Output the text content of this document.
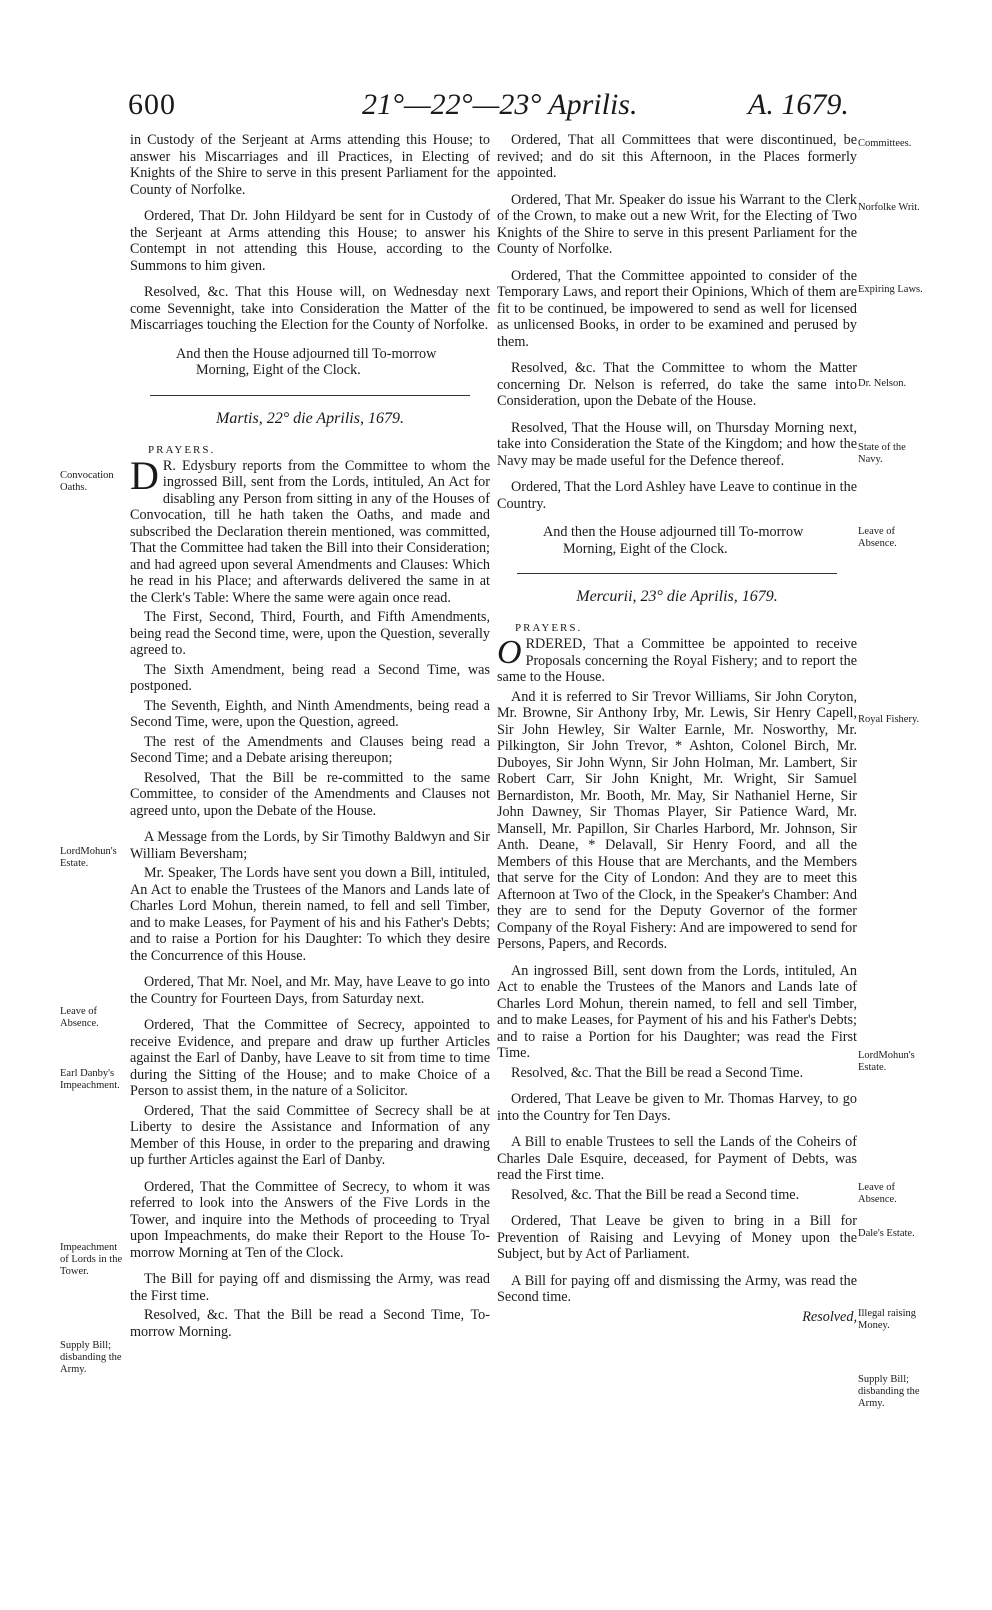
600	21°—22°—23° Aprilis.	A. 1679.

in Custody of the Serjeant at Arms attending this House; to answer his Miscarriages and ill Practices, in Electing of Knights of the Shire to serve in this present Parliament for the County of Norfolke.

Ordered, That Dr. John Hildyard be sent for in Custody of the Serjeant at Arms attending this House; to answer his Contempt in not attending this House, according to the Summons to him given.

Resolved, &c. That this House will, on Wednesday next come Sevennight, take into Consideration the Matter of the Miscarriages touching the Election for the County of Norfolke.

And then the House adjourned till To-morrow
Morning, Eight of the Clock.

Martis, 22° die Aprilis, 1679.
PRAYERS.

D R. Edysbury reports from the Committee to whom the ingrossed Bill, sent from the Lords, intituled, An Act for disabling any Person from sitting in any of the Houses of Convocation, till he hath taken the Oaths, and made and subscribed the Declaration therein mentioned, was committed, That the Committee had taken the Bill into their Consideration; and had agreed upon several Amendments and Clauses: Which he read in his Place; and afterwards delivered the same in at the Clerk's Table: Where the same were again once read.

The First, Second, Third, Fourth, and Fifth Amendments, being read the Second time, were, upon the Question, severally agreed to.

The Sixth Amendment, being read a Second Time, was postponed.

The Seventh, Eighth, and Ninth Amendments, being read a Second Time, were, upon the Question, agreed.

The rest of the Amendments and Clauses being read a Second Time; and a Debate arising thereupon;

Resolved, That the Bill be re-committed to the same Committee, to consider of the Amendments and Clauses not agreed unto, upon the Debate of the House.

A Message from the Lords, by Sir Timothy Baldwyn and Sir William Beversham;

Mr. Speaker, The Lords have sent you down a Bill, intituled, An Act to enable the Trustees of the Manors and Lands late of Charles Lord Mohun, therein named, to fell and sell Timber, and to make Leases, for Payment of his and his Father's Debts; and to raise a Portion for his Daughter: To which they desire the Concurrence of this House.

Ordered, That Mr. Noel, and Mr. May, have Leave to go into the Country for Fourteen Days, from Saturday next.

Ordered, That the Committee of Secrecy, appointed to receive Evidence, and prepare and draw up further Articles against the Earl of Danby, have Leave to sit from time to time during the Sitting of the House; and to make Choice of a Person to assist them, in the nature of a Solicitor.

Ordered, That the said Committee of Secrecy shall be at Liberty to desire the Assistance and Information of any Member of this House, in order to the preparing and drawing up further Articles against the Earl of Danby.

Ordered, That the Committee of Secrecy, to whom it was referred to look into the Answers of the Five Lords in the Tower, and inquire into the Methods of proceeding to Tryal upon Impeachments, do make their Report to the House To-morrow Morning at Ten of the Clock.

The Bill for paying off and dismissing the Army, was read the First time.

Resolved, &c. That the Bill be read a Second Time, To-morrow Morning.

Ordered, That all Committees that were discontinued, be revived; and do sit this Afternoon, in the Places formerly appointed.

Ordered, That Mr. Speaker do issue his Warrant to the Clerk of the Crown, to make out a new Writ, for the Electing of Two Knights of the Shire to serve in this present Parliament for the County of Norfolke.

Ordered, That the Committee appointed to consider of the Temporary Laws, and report their Opinions, Which of them are fit to be continued, be impowered to send as well for licensed as unlicensed Books, in order to be examined and perused by them.

Resolved, &c. That the Committee to whom the Matter concerning Dr. Nelson is referred, do take the same into Consideration, upon the Debate of the House.

Resolved, That the House will, on Thursday Morning next, take into Consideration the State of the Kingdom; and how the Navy may be made useful for the Defence thereof.

Ordered, That the Lord Ashley have Leave to continue in the Country.

And then the House adjourned till To-morrow
Morning, Eight of the Clock.

Mercurii, 23° die Aprilis, 1679.
PRAYERS.

ORDERED, That a Committee be appointed to receive Proposals concerning the Royal Fishery; and to report the same to the House.

And it is referred to Sir Trevor Williams, Sir John Coryton, Mr. Browne, Sir Anthony Irby, Mr. Lewis, Sir Henry Capell, Sir John Hewley, Sir Walter Earnle, Mr. Nosworthy, Mr. Pilkington, Sir John Trevor, * Ashton, Colonel Birch, Mr. Duboyes, Sir John Wynn, Sir John Holman, Mr. Lambert, Sir Robert Carr, Sir John Knight, Mr. Wright, Sir Samuel Bernardiston, Mr. Booth, Mr. May, Sir Nathaniel Herne, Sir John Dawney, Sir Thomas Player, Sir Patience Ward, Mr. Mansell, Mr. Papillon, Sir Charles Harbord, Mr. Johnson, Sir Anth. Deane, * Delavall, Sir Henry Foord, and all the Members of this House that are Merchants, and the Members that serve for the City of London: And they are to meet this Afternoon at Two of the Clock, in the Speaker's Chamber: And they are to send for the Deputy Governor of the former Company of the Royal Fishery: And are impowered to send for Persons, Papers, and Records.

An ingrossed Bill, sent down from the Lords, intituled, An Act to enable the Trustees of the Manors and Lands late of Charles Lord Mohun, therein named, to fell and sell Timber, and to make Leases, for Payment of his and his Father's Debts; and to raise a Portion for his Daughter; was read the First Time.

Resolved, &c. That the Bill be read a Second Time.

Ordered, That Leave be given to Mr. Thomas Harvey, to go into the Country for Ten Days.

A Bill to enable Trustees to sell the Lands of the Coheirs of Charles Dale Esquire, deceased, for Payment of Debts, was read the First time.

Resolved, &c. That the Bill be read a Second time.

Ordered, That Leave be given to bring in a Bill for Prevention of Raising and Levying of Money upon the Subject, but by Act of Parliament.

A Bill for paying off and dismissing the Army, was read the Second time.

Resolved,

Convocation Oaths.
LordMohun's Estate.
Leave of Absence.
Earl Danby's Impeachment.
Impeachment of Lords in the Tower.
Supply Bill; disbanding the Army.
Committees.
Norfolke Writ.
Expiring Laws.
Dr. Nelson.
State of the Navy.
Leave of Absence.
Royal Fishery.
LordMohun's Estate.
Leave of Absence.
Dale's Estate.
Illegal raising Money.
Supply Bill; disbanding the Army.
